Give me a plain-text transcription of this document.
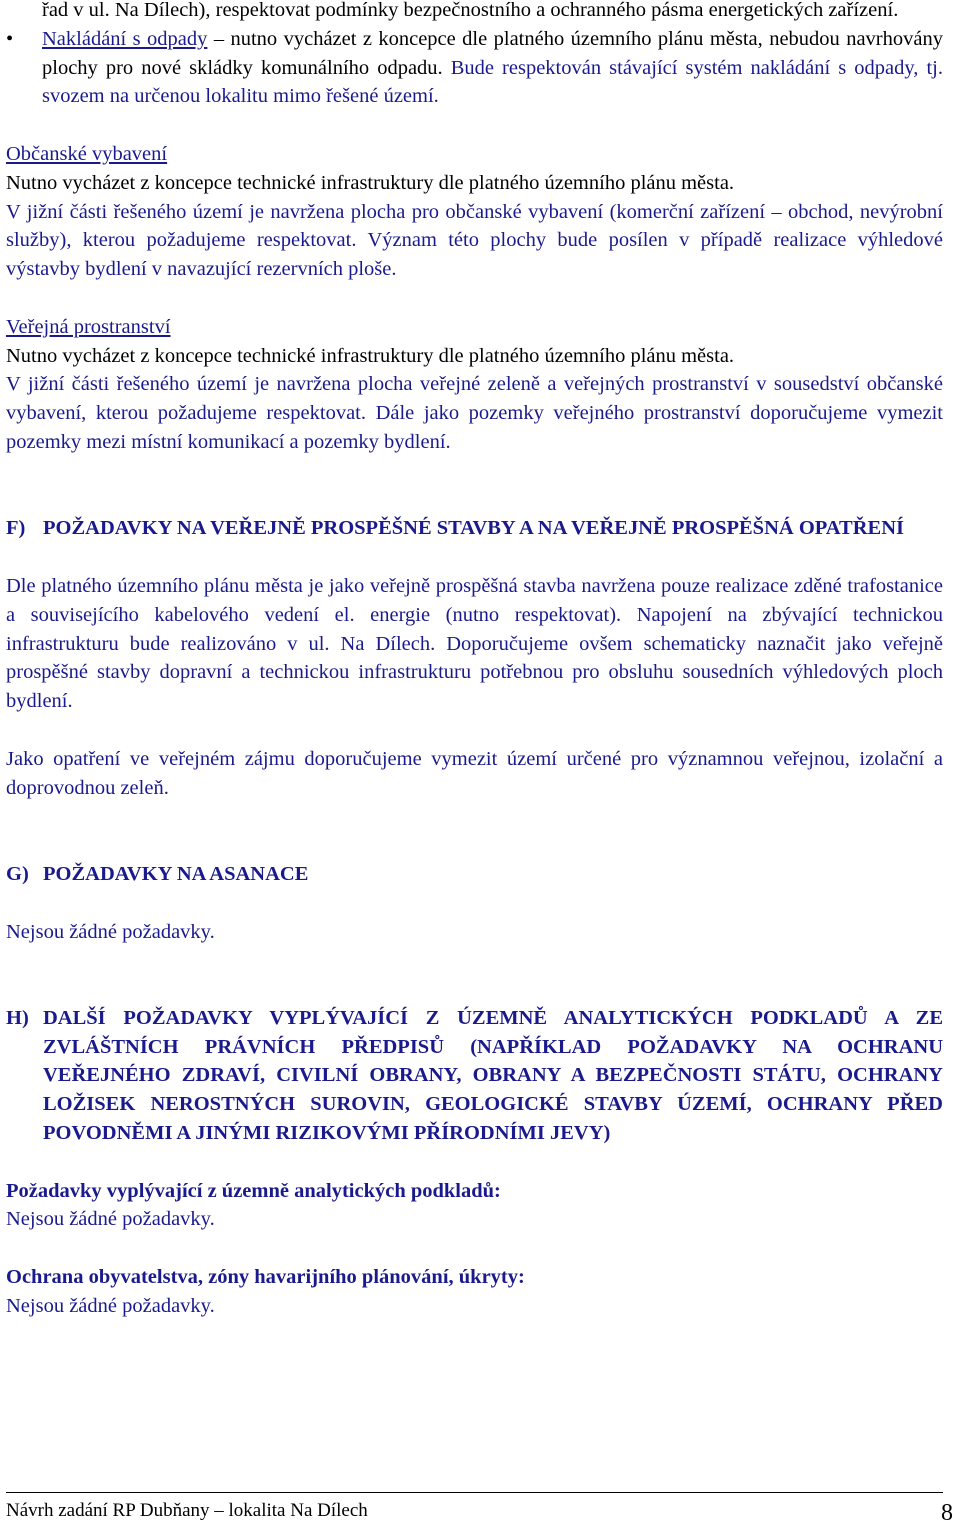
řad v ul. Na Dílech), respektovat podmínky bezpečnostního a ochranného pásma energetických zařízení.

•	Nakládání s odpady – nutno vycházet z koncepce dle platného územního plánu města, nebudou navrhovány plochy pro nové skládky komunálního odpadu. Bude respektován stávající systém nakládání s odpady, tj. svozem na určenou lokalitu mimo řešené území.

Občanské vybavení

Nutno vycházet z koncepce technické infrastruktury dle platného územního plánu města.

V jižní části řešeného území je navržena plocha pro občanské vybavení (komerční zařízení – obchod, nevýrobní služby), kterou požadujeme respektovat. Význam této plochy bude posílen v případě realizace výhledové výstavby bydlení v navazující rezervních ploše.

Veřejná prostranství

Nutno vycházet z koncepce technické infrastruktury dle platného územního plánu města.

V jižní části řešeného území je navržena plocha veřejné zeleně a veřejných prostranství v sousedství občanské vybavení, kterou požadujeme respektovat. Dále jako pozemky veřejného prostranství doporučujeme vymezit pozemky mezi místní komunikací a pozemky bydlení.

F) POŽADAVKY NA VEŘEJNĚ PROSPĚŠNÉ STAVBY A NA VEŘEJNĚ PROSPĚŠNÁ OPATŘENÍ

Dle platného územního plánu města je jako veřejně prospěšná stavba navržena pouze realizace zděné trafostanice a souvisejícího kabelového vedení el. energie (nutno respektovat). Napojení na zbývající technickou infrastrukturu bude realizováno v ul. Na Dílech. Doporučujeme ovšem schematicky naznačit jako veřejně prospěšné stavby dopravní a technickou infrastrukturu potřebnou pro obsluhu sousedních výhledových ploch bydlení.

Jako opatření ve veřejném zájmu doporučujeme vymezit území určené pro významnou veřejnou, izolační a doprovodnou zeleň.

G) POŽADAVKY NA ASANACE

Nejsou žádné požadavky.

H) DALŠÍ POŽADAVKY VYPLÝVAJÍCÍ Z ÚZEMNĚ ANALYTICKÝCH PODKLADŮ A ZE ZVLÁŠTNÍCH PRÁVNÍCH PŘEDPISŮ (NAPŘÍKLAD POŽADAVKY NA OCHRANU VEŘEJNÉHO ZDRAVÍ, CIVILNÍ OBRANY, OBRANY A BEZPEČNOSTI STÁTU, OCHRANY LOŽISEK NEROSTNÝCH SUROVIN, GEOLOGICKÉ STAVBY ÚZEMÍ, OCHRANY PŘED POVODNĚMI A JINÝMI RIZIKOVÝMI PŘÍRODNÍMI JEVY)

Požadavky vyplývající z územně analytických podkladů:

Nejsou žádné požadavky.

Ochrana obyvatelstva, zóny havarijního plánování, úkryty:

Nejsou žádné požadavky.

Návrh zadání RP Dubňany – lokalita Na Dílech	8
